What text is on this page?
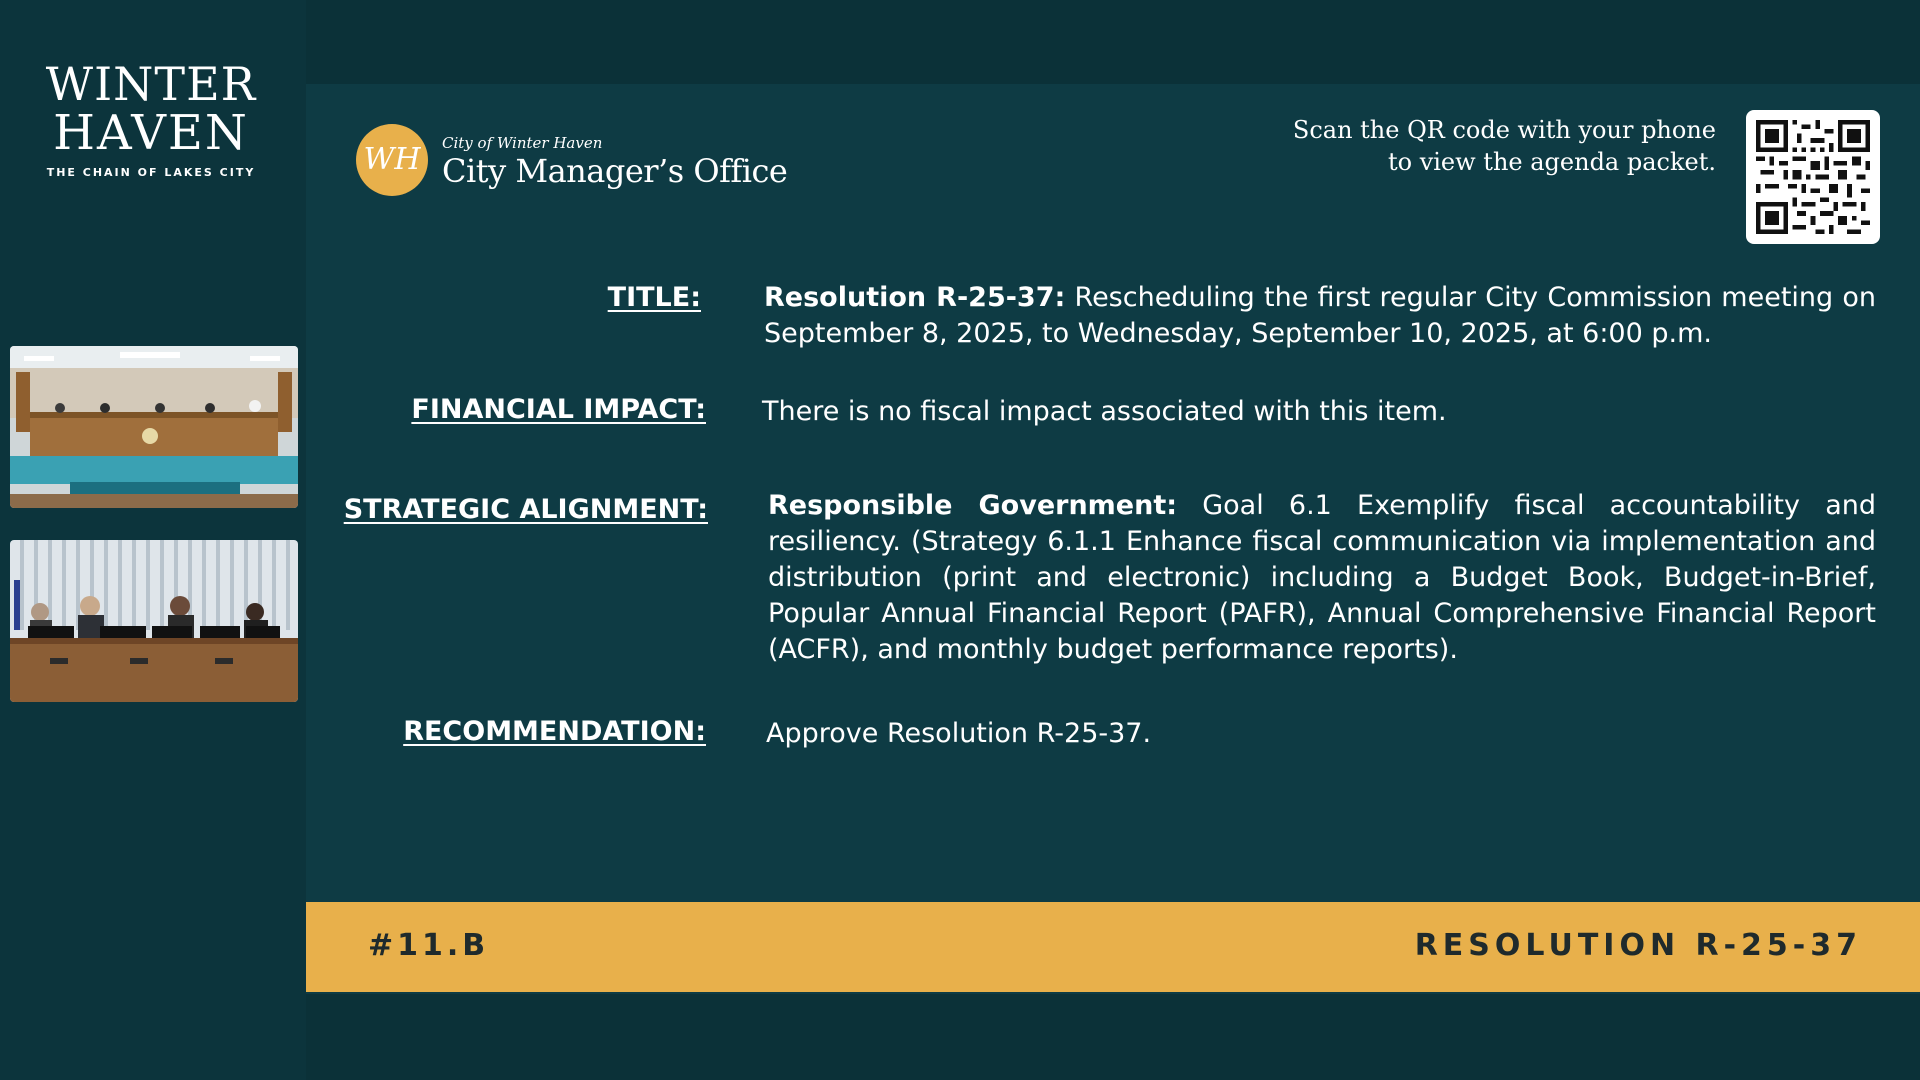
WINTER
HAVEN
THE CHAIN OF LAKES CITY	WH	City of Winter Haven
City Manager’s Office
Scan the QR code with your phone
to view the agenda packet.
TITLE: Resolution R-25-37: Rescheduling the first regular City Commission meeting on September 8, 2025, to Wednesday, September 10, 2025, at 6:00 p.m.
FINANCIAL IMPACT: There is no fiscal impact associated with this item.
STRATEGIC ALIGNMENT: Responsible Government: Goal 6.1 Exemplify fiscal accountability and resiliency. (Strategy 6.1.1 Enhance fiscal communication via implementation and distribution (print and electronic) including a Budget Book, Budget-in-Brief, Popular Annual Financial Report (PAFR), Annual Comprehensive Financial Report (ACFR), and monthly budget performance reports).
RECOMMENDATION: Approve Resolution R-25-37.
#11.B	RESOLUTION R-25-37
